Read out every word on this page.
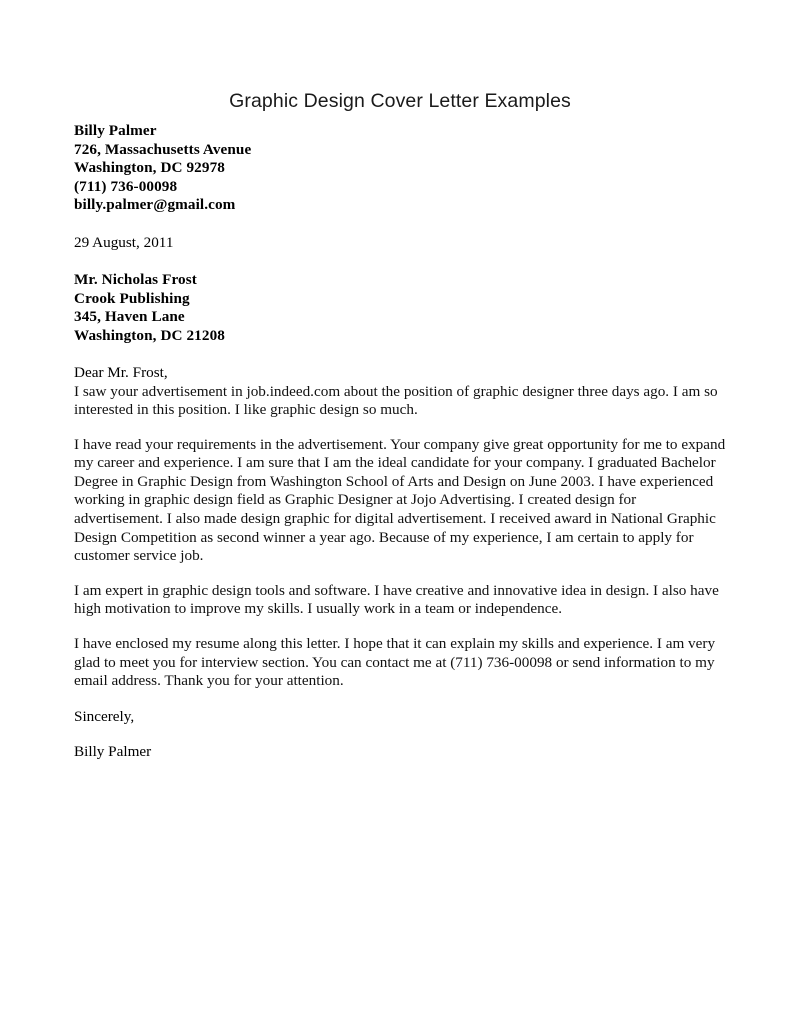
Graphic Design Cover Letter Examples
Billy Palmer
726, Massachusetts Avenue
Washington, DC 92978
(711) 736-00098
billy.palmer@gmail.com
29 August, 2011
Mr. Nicholas Frost
Crook Publishing
345, Haven Lane
Washington, DC 21208
Dear Mr. Frost,

I saw your advertisement in job.indeed.com about the position of graphic designer three days ago. I am so interested in this position. I like graphic design so much.

I have read your requirements in the advertisement. Your company give great opportunity for me to expand my career and experience. I am sure that I am the ideal candidate for your company. I graduated Bachelor Degree in Graphic Design from Washington School of Arts and Design on June 2003. I have experienced working in graphic design field as Graphic Designer at Jojo Advertising. I created design for advertisement. I also made design graphic for digital advertisement. I received award in National Graphic Design Competition as second winner a year ago. Because of my experience, I am certain to apply for customer service job.

I am expert in graphic design tools and software. I have creative and innovative idea in design. I also have high motivation to improve my skills. I usually work in a team or independence.

I have enclosed my resume along this letter. I hope that it can explain my skills and experience. I am very glad to meet you for interview section. You can contact me at (711) 736-00098 or send information to my email address. Thank you for your attention.

Sincerely,
Billy Palmer
